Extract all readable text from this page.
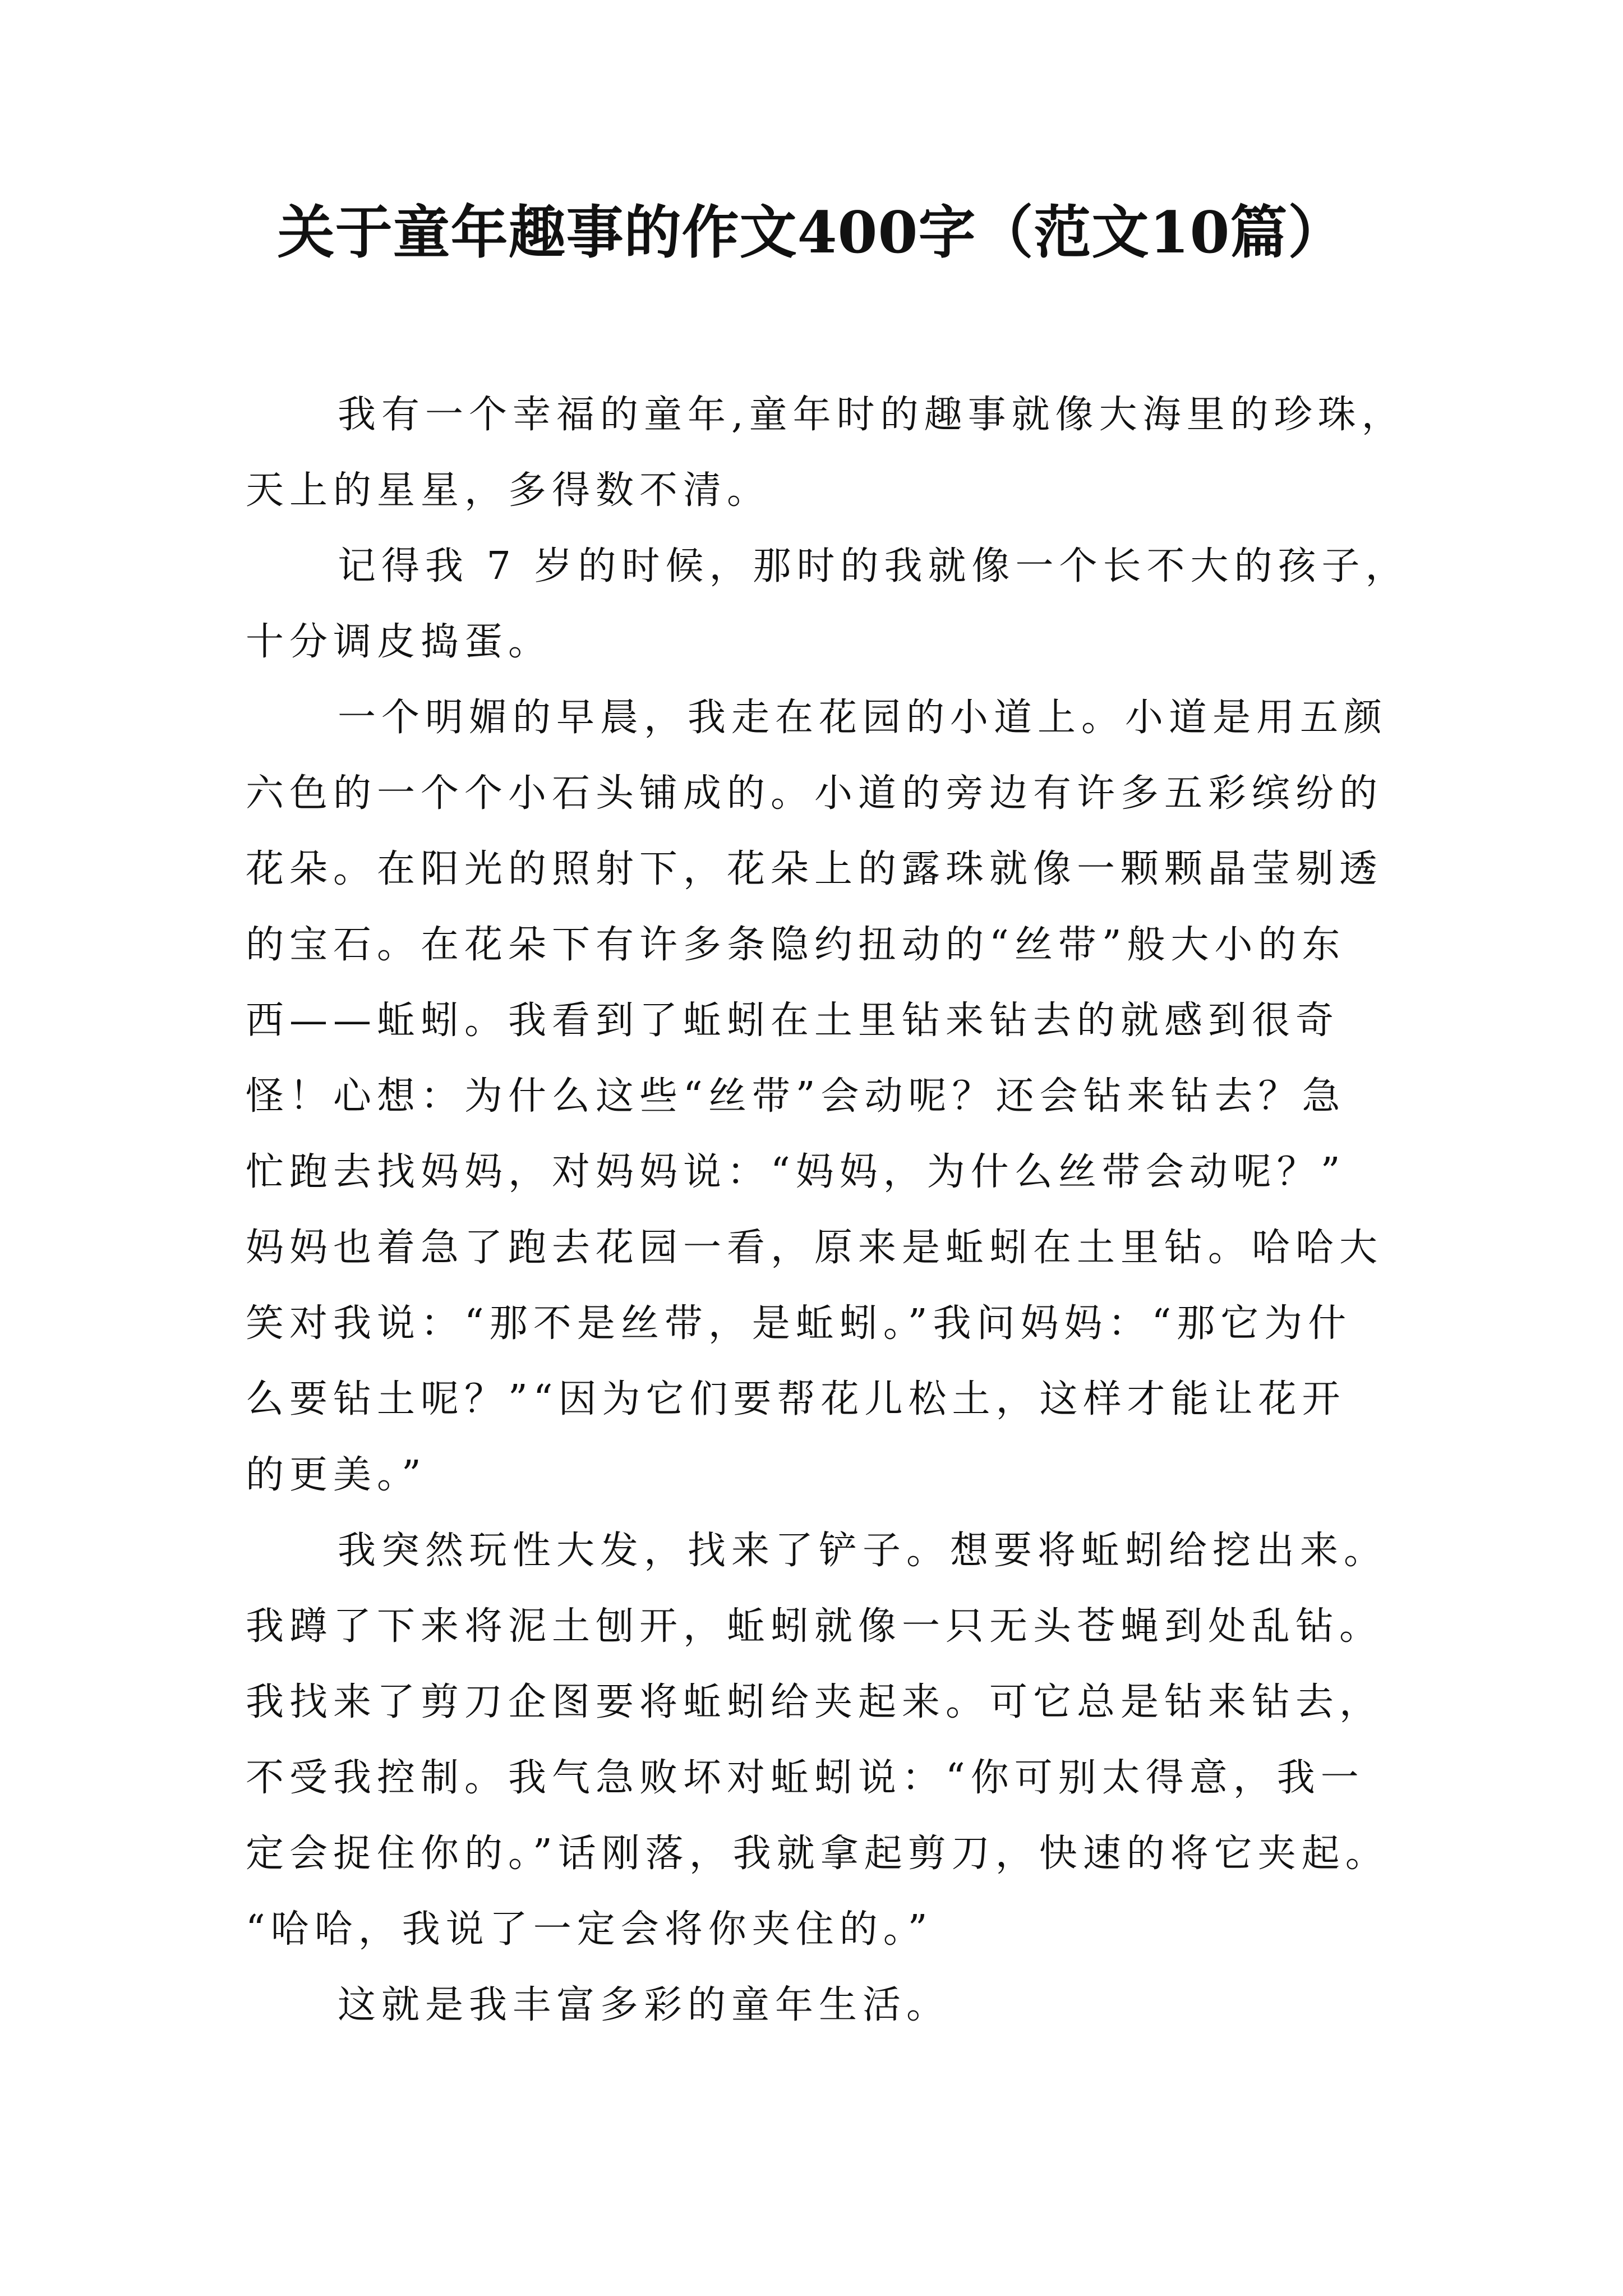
关于童年趣事的作文400字（范文10篇）
我有一个幸福的童年,童年时的趣事就像大海里的珍珠，
天上的星星，多得数不清。
记得我 7 岁的时候，那时的我就像一个长不大的孩子，
十分调皮捣蛋。
一个明媚的早晨，我走在花园的小道上。小道是用五颜
六色的一个个小石头铺成的。小道的旁边有许多五彩缤纷的
花朵。在阳光的照射下，花朵上的露珠就像一颗颗晶莹剔透
的宝石。在花朵下有许多条隐约扭动的“丝带”般大小的东
西——蚯蚓。我看到了蚯蚓在土里钻来钻去的就感到很奇
怪！心想：为什么这些“丝带”会动呢？还会钻来钻去？急
忙跑去找妈妈，对妈妈说：“妈妈，为什么丝带会动呢？”
妈妈也着急了跑去花园一看，原来是蚯蚓在土里钻。哈哈大
笑对我说：“那不是丝带，是蚯蚓。”我问妈妈：“那它为什
么要钻土呢？”“因为它们要帮花儿松土，这样才能让花开
的更美。”
我突然玩性大发，找来了铲子。想要将蚯蚓给挖出来。
我蹲了下来将泥土刨开，蚯蚓就像一只无头苍蝇到处乱钻。
我找来了剪刀企图要将蚯蚓给夹起来。可它总是钻来钻去，
不受我控制。我气急败坏对蚯蚓说：“你可别太得意，我一
定会捉住你的。”话刚落，我就拿起剪刀，快速的将它夹起。
“哈哈，我说了一定会将你夹住的。”
这就是我丰富多彩的童年生活。
